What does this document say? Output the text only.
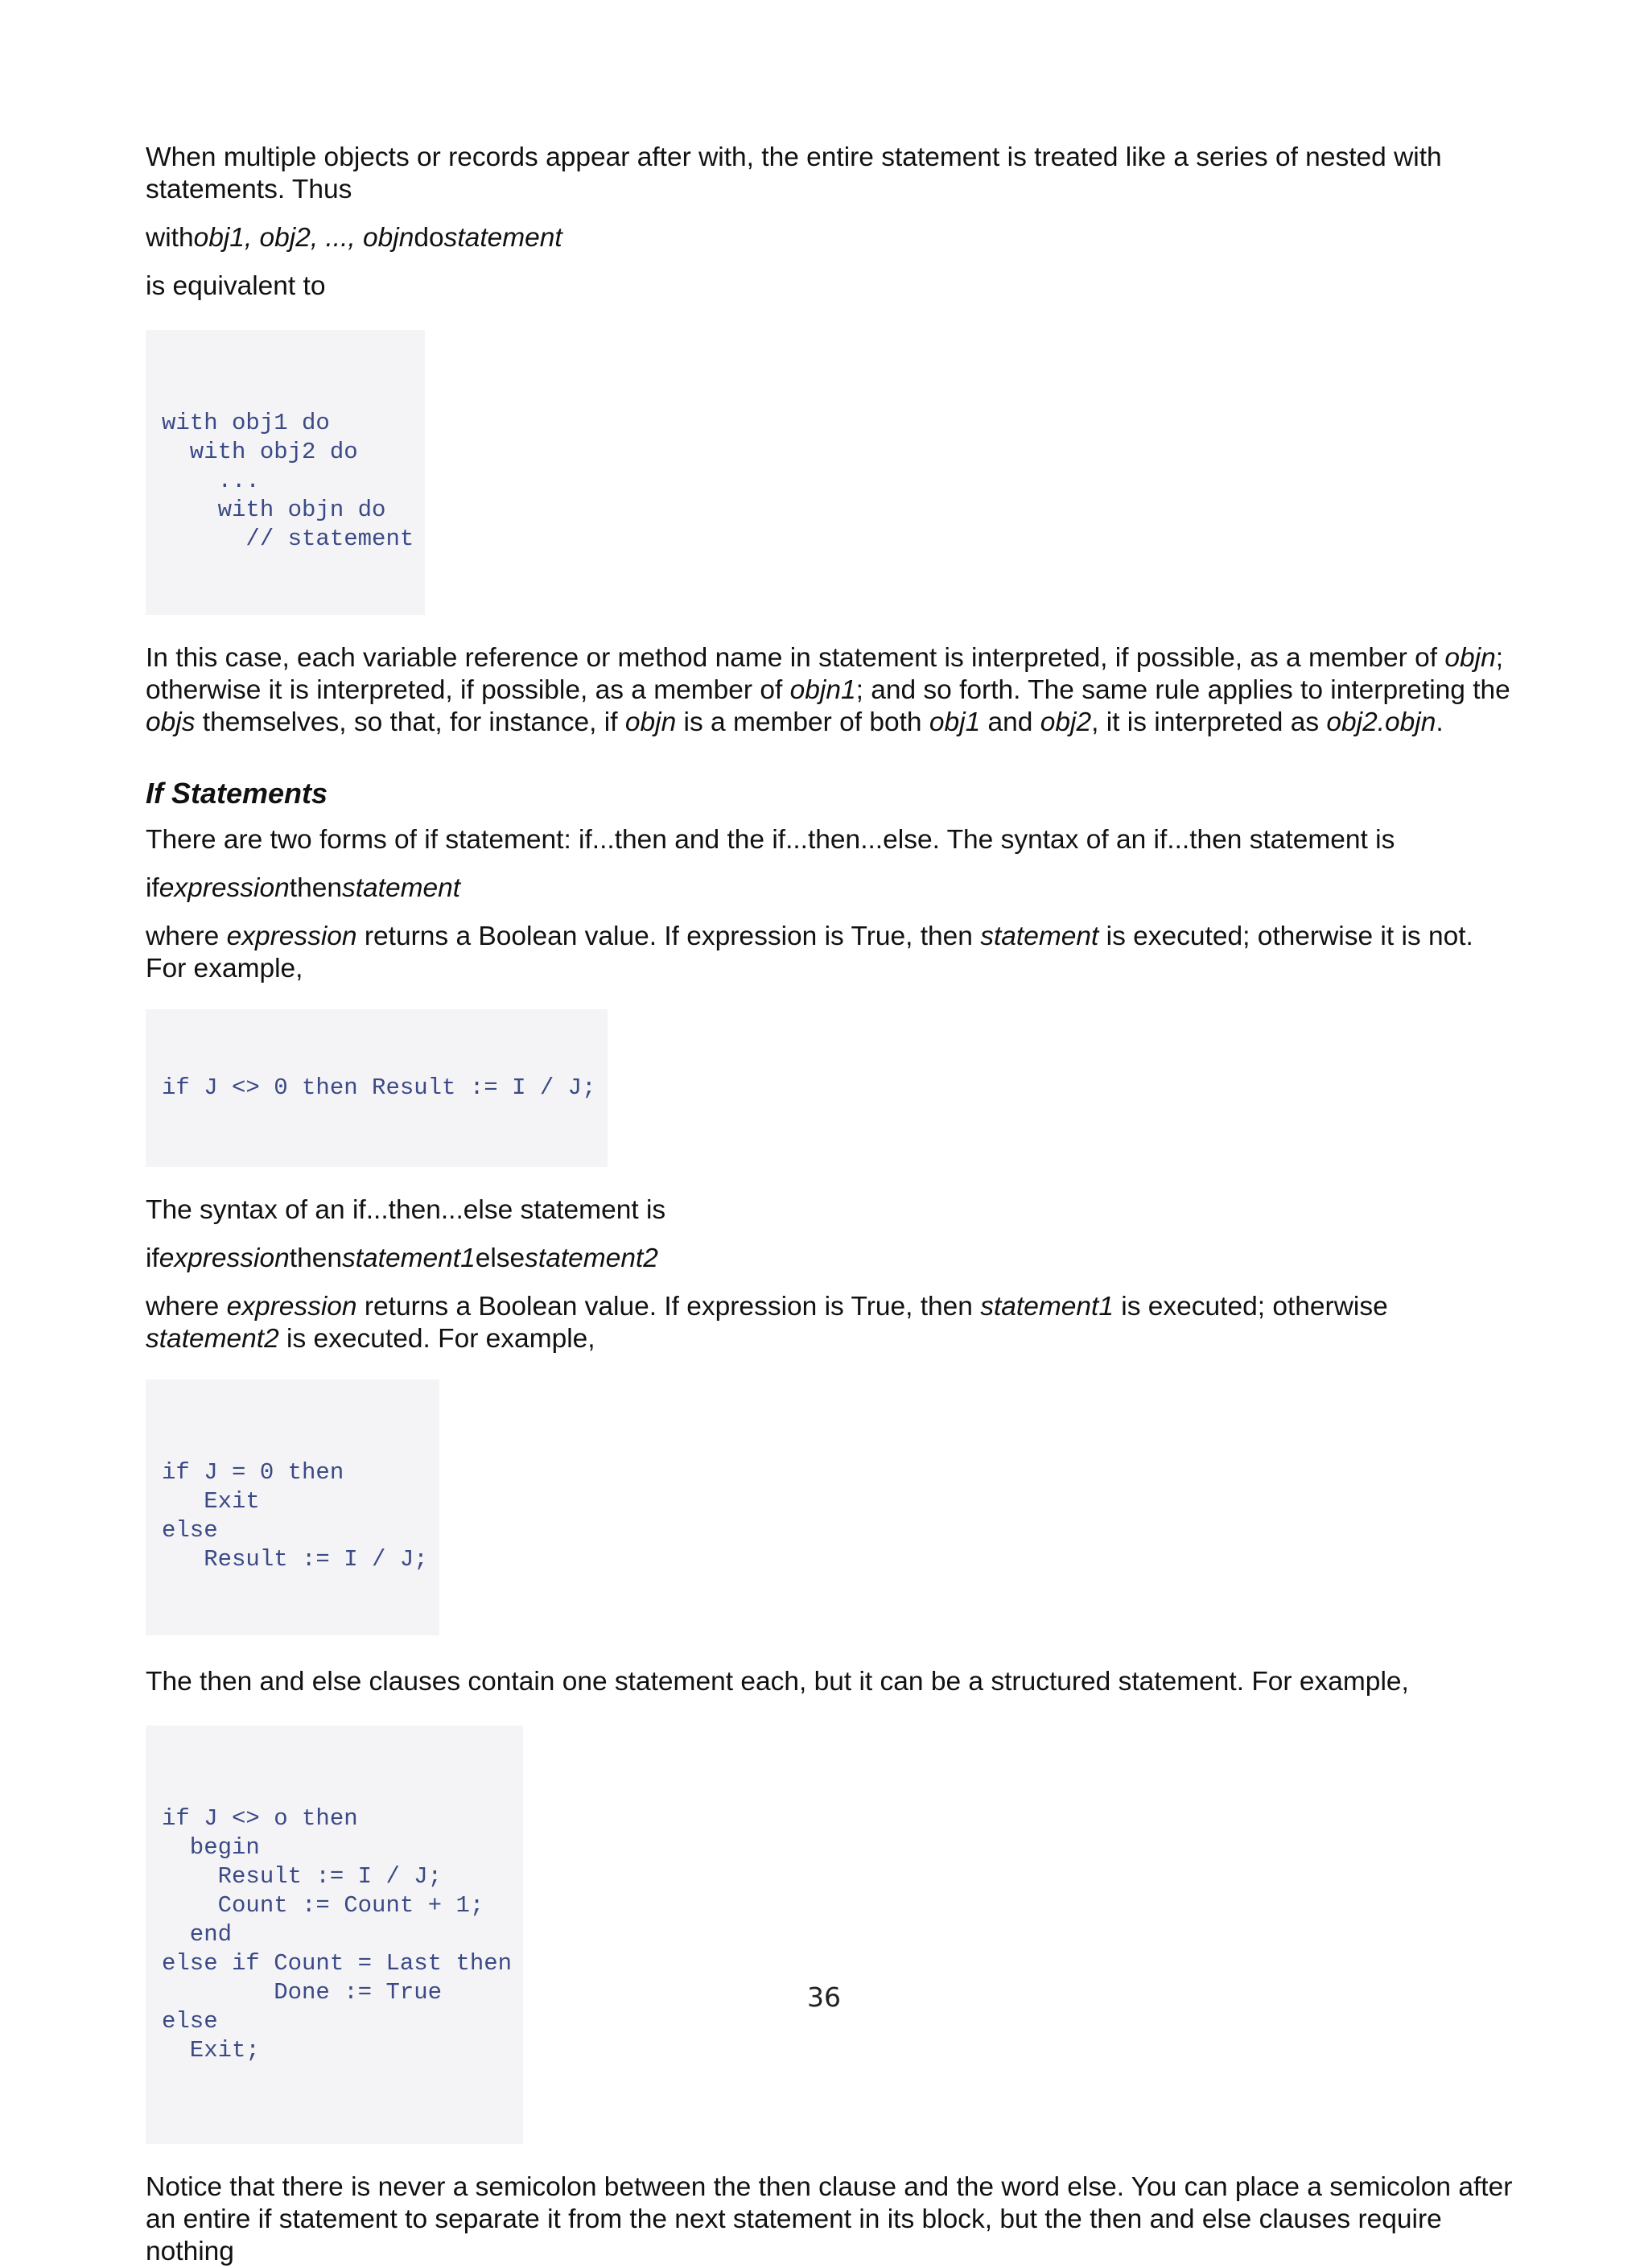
When multiple objects or records appear after with, the entire statement is treated like a series of nested with statements. Thus

withobj1, obj2, ..., objndostatement

is equivalent to

with obj1 do
with obj2 do
...
with objn do
// statement

In this case, each variable reference or method name in statement is interpreted, if possible, as a member of objn; otherwise it is interpreted, if possible, as a member of objn1; and so forth. The same rule applies to interpreting the objs themselves, so that, for instance, if objn is a member of both obj1 and obj2, it is interpreted as obj2.objn.

If Statements

There are two forms of if statement: if...then and the if...then...else. The syntax of an if...then statement is

ifexpressionthenstatement

where expression returns a Boolean value. If expression is True, then statement is executed; otherwise it is not. For example,

if J <> 0 then Result := I / J;

The syntax of an if...then...else statement is

ifexpressionthenstatement1elsestatement2

where expression returns a Boolean value. If expression is True, then statement1 is executed; otherwise statement2 is executed. For example,

if J = 0 then
Exit
else
Result := I / J;

The then and else clauses contain one statement each, but it can be a structured statement. For example,

if J <> o then
begin
Result := I / J;
Count := Count + 1;
end
else if Count = Last then
Done := True
else
Exit;

Notice that there is never a semicolon between the then clause and the word else. You can place a semicolon after an entire if statement to separate it from the next statement in its block, but the then and else clauses require nothing

36
